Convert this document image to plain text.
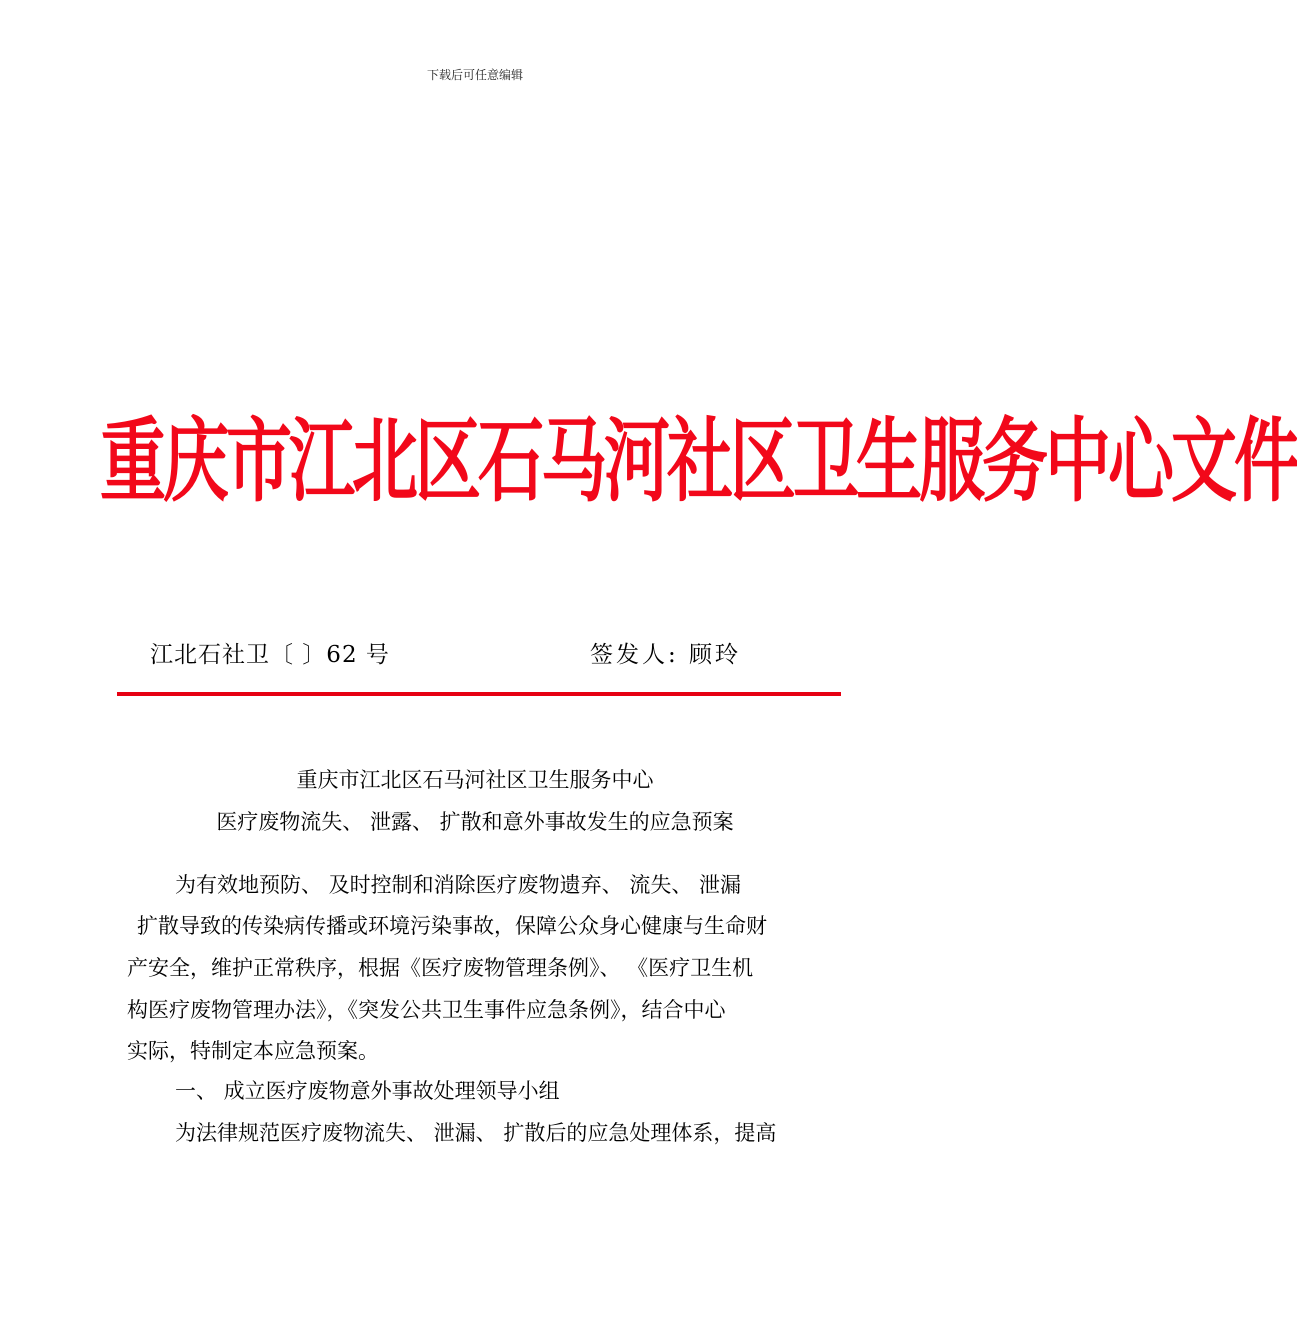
下载后可任意编辑
重庆市江北区石马河社区卫生服务中心文件
江北石社卫〔 〕62 号	签发人: 顾玲
重庆市江北区石马河社区卫生服务中心
医疗废物流失、 泄露、 扩散和意外事故发生的应急预案
为有效地预防、 及时控制和消除医疗废物遗弃、 流失、 泄漏
扩散导致的传染病传播或环境污染事故，保障公众身心健康与生命财
产安全，维护正常秩序，根据《医疗废物管理条例》、 《医疗卫生机
构医疗废物管理办法》，《突发公共卫生事件应急条例》，结合中心
实际，特制定本应急预案。
一、 成立医疗废物意外事故处理领导小组
为法律规范医疗废物流失、 泄漏、 扩散后的应急处理体系，提高
